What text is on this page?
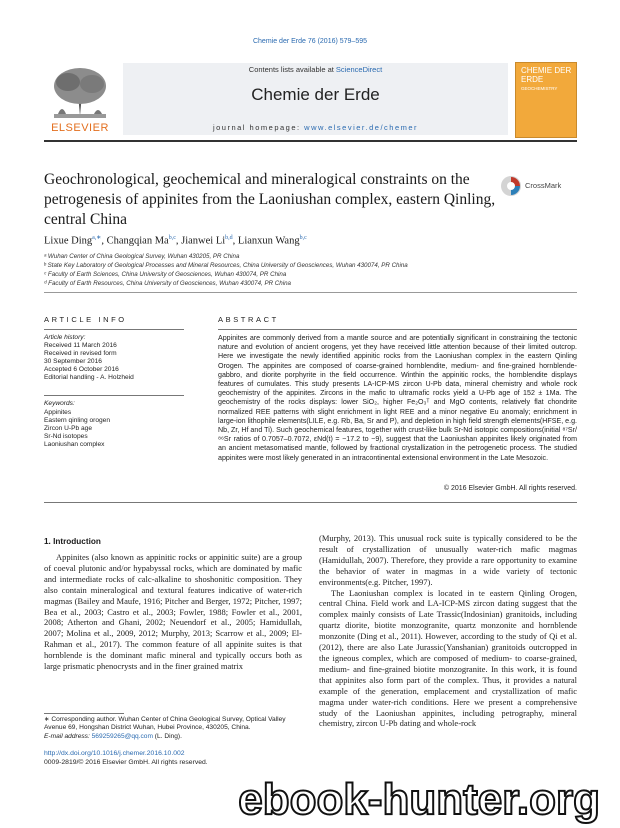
Chemie der Erde 76 (2016) 579–595
ELSEVIER
Contents lists available at ScienceDirect
Chemie der Erde
journal homepage: www.elsevier.de/chemer
CHEMIE DER ERDE
GEOCHEMISTRY
Geochronological, geochemical and mineralogical constraints on the petrogenesis of appinites from the Laoniushan complex, eastern Qinling, central China
CrossMark
Lixue Ding$^{a,∗}$, Changqian Ma$^{b,c}$, Jianwei Li$^{b,d}$, Lianxun Wang$^{b,c}$
ᵃ Wuhan Center of China Geological Survey, Wuhan 430205, PR China
ᵇ State Key Laboratory of Geological Processes and Mineral Resources, China University of Geosciences, Wuhan 430074, PR China
ᶜ Faculty of Earth Sciences, China University of Geosciences, Wuhan 430074, PR China
ᵈ Faculty of Earth Resources, China University of Geosciences, Wuhan 430074, PR China
ARTICLE INFO
Article history:
Received 11 March 2016
Received in revised form
30 September 2016
Accepted 6 October 2016
Editorial handling - A. Holzheid
Keywords:
Appinites
Eastern qinling orogen
Zircon U-Pb age
Sr-Nd isotopes
Laoniushan complex
ABSTRACT
Appinites are commonly derived from a mantle source and are potentially significant in constraining the tectonic nature and evolution of ancient orogens, yet they have received little attention because of their limited outcrop. Here we investigate the newly identified appinitic rocks from the Laoniushan complex in the eastern Qinling Orogen. The appinites are composed of coarse-grained hornblendite, medium- and fine-grained hornblende-gabbro, and diorite porphyrite in the field occurrence. Winthin the appinitic rocks, the hornblendite displays features of cumulates. This study presents LA-ICP-MS zircon U-Pb data, mineral chemistry and whole rock geochemistry of the appinites. Zircons in the mafic to ultramafic rocks yield a U-Pb age of 152 ± 1Ma. The geochemistry of the rocks displays: lower SiO₂, higher Fe₂O₃ᵀ and MgO contents, relatively flat chondrite normalized REE patterns with slight enrichment in light REE and a minor negative Eu anomaly; enrichment in large-ion lithophile elements(LILE, e.g. Rb, Ba, Sr and P), and depletion in high field strength elements(HFSE, e.g. Nb, Zr, Hf and Ti). Such geochemical features, together with crust-like bulk Sr-Nd isotopic compositions(initial ⁸⁷Sr/⁸⁶Sr ratios of 0.7057–0.7072, εNd(t) = −17.2 to −9), suggest that the Laoniushan appinites likely originated from an ancient metasomatised mantle, followed by fractional crystallization in the petrogenetic process. The studied appinites were most likely generated in an intracontinental extensional environment in the Late Mesozoic.
© 2016 Elsevier GmbH. All rights reserved.
1. Introduction

Appinites (also known as appinitic rocks or appinitic suite) are a group of coeval plutonic and/or hypabyssal rocks, which are dominated by mafic and intermediate rocks of calc-alkaline to shoshonitic composition. They also contain mineralogical and textural features indicative of water-rich magmas (Bailey and Maufe, 1916; Pitcher and Berger, 1972; Pitcher, 1997; Bea et al., 2003; Castro et al., 2003; Fowler, 1988; Fowler et al., 2001, 2008; Atherton and Ghani, 2002; Neuendorf et al., 2005; Hamidullah, 2007; Molina et al., 2009, 2012; Murphy, 2013; Scarrow et al., 2009; El-Rahman et al., 2017). The common feature of all appinite suites is that hornblende is the dominant mafic mineral and typically occurs both as large prismatic phenocrysts and in the finer grained matrix

(Murphy, 2013). This unusual rock suite is typically considered to be the result of crystallization of unusually water-rich mafic magmas (Hamidullah, 2007). Therefore, they provide a rare opportunity to examine the behavior of water in magmas in a wide variety of tectonic environments(e.g. Pitcher, 1997).

The Laoniushan complex is located in te eastern Qinling Orogen, central China. Field work and LA-ICP-MS zircon dating suggest that the complex mainly consists of Late Trassic(Indosinian) granitoids, including quartz diorite, biotite monzogranite, quartz monzonite and hornblende monzonite (Ding et al., 2011). However, according to the study of Qi et al. (2012), there are also Late Jurassic(Yanshanian) granitoids outcropped in the igneous complex, which are composed of medium- to coarse-grained, medium- and fine-grained biotite monzogranite. In this work, it is found that appinites also form part of the complex. Thus, it provides a natural example of the generation, emplacement and crystallization of mafic magma under water-rich conditions. Here we present a comprehensive study of the Laoniushan appinites, including petrography, mineral chemistry, zircon U-Pb dating and whole-rock

∗ Corresponding author. Wuhan Center of China Geological Survey, Optical Valley Avenue 69, Hongshan District Wuhan, Hubei Province, 430205, China.
E-mail address: 569259265@qq.com (L. Ding).
http://dx.doi.org/10.1016/j.chemer.2016.10.002
0009-2819/© 2016 Elsevier GmbH. All rights reserved.
ebook-hunter.org
